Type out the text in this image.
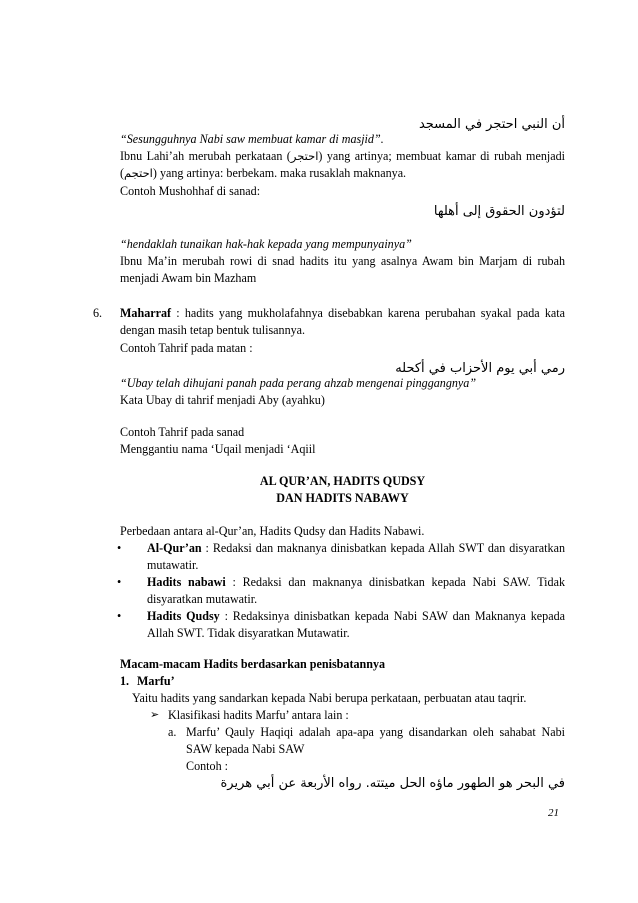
أن النبي احتجر في المسجد

“Sesungguhnya Nabi saw membuat kamar di masjid”.

Ibnu Lahi’ah merubah perkataan (احتجر) yang artinya; membuat kamar di rubah menjadi (احتجم) yang artinya: berbekam. maka rusaklah maknanya.

Contoh Mushohhaf di sanad:

لتؤدون الحقوق إلى أهلها

“hendaklah tunaikan hak-hak kepada yang mempunyainya”

Ibnu Ma’in merubah rowi di snad hadits itu yang asalnya Awam bin Marjam di rubah menjadi Awam bin Mazham

6. Maharraf : hadits yang mukholafahnya disebabkan karena perubahan syakal pada kata dengan masih tetap bentuk tulisannya.

Contoh Tahrif pada matan :

رمي أبي يوم الأحزاب في أكحله

“Ubay telah dihujani panah pada perang ahzab mengenai pinggangnya”

Kata Ubay di tahrif menjadi Aby (ayahku)

Contoh Tahrif pada sanad

Menggantiu nama ‘Uqail menjadi ‘Aqiil

AL QUR’AN, HADITS QUDSY

DAN HADITS NABAWY

Perbedaan antara al-Qur’an, Hadits Qudsy dan Hadits Nabawi.

• Al-Qur’an : Redaksi dan maknanya dinisbatkan kepada Allah SWT dan disyaratkan mutawatir.
• Hadits nabawi : Redaksi dan maknanya dinisbatkan kepada Nabi SAW. Tidak disyaratkan mutawatir.
• Hadits Qudsy : Redaksinya dinisbatkan kepada Nabi SAW dan Maknanya kepada Allah SWT. Tidak disyaratkan Mutawatir.

Macam-macam Hadits berdasarkan penisbatannya

1. Marfu’

Yaitu hadits yang sandarkan kepada Nabi berupa perkataan, perbuatan atau taqrir.

➢ Klasifikasi hadits Marfu’ antara lain :

a. Marfu’ Qauly Haqiqi adalah apa-apa yang disandarkan oleh sahabat Nabi SAW kepada Nabi SAW

Contoh :

في البحر هو الطهور ماؤه الحل ميتته. رواه الأربعة عن أبي هريرة

21
